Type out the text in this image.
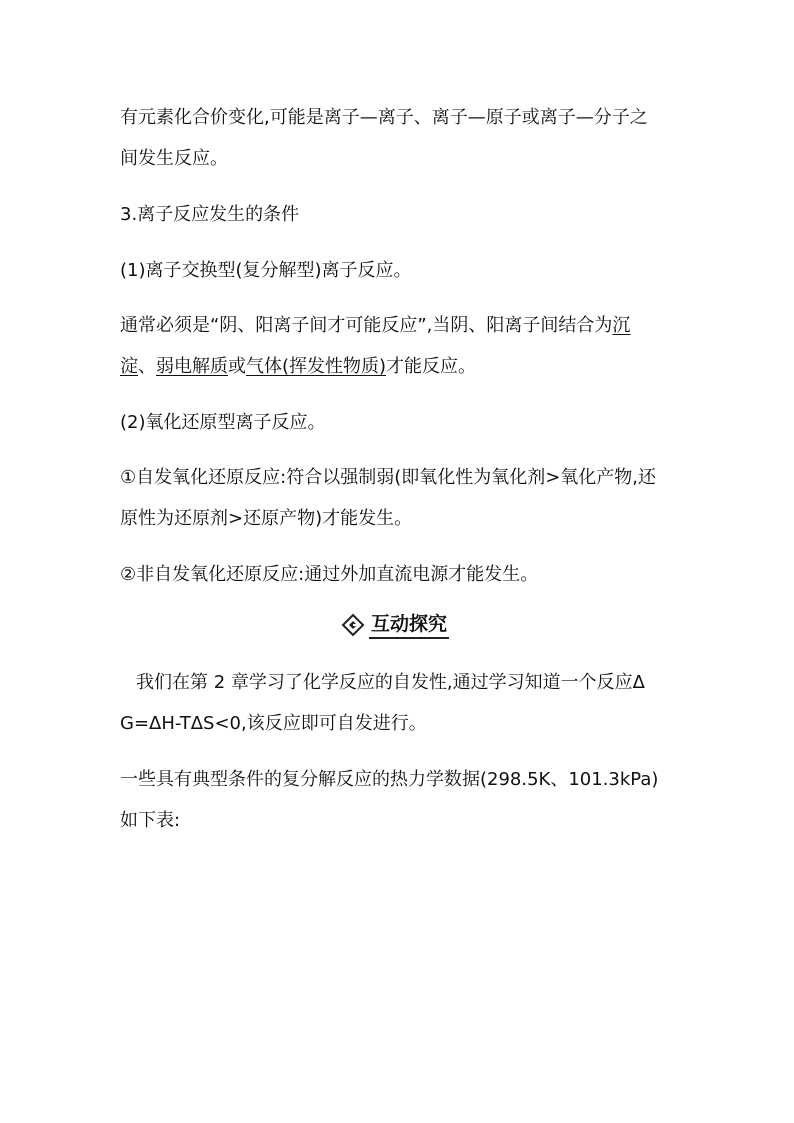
有元素化合价变化,可能是离子—离子、离子—原子或离子—分子之
间发生反应。
3.离子反应发生的条件
(1)离子交换型(复分解型)离子反应。
通常必须是“阴、阳离子间才可能反应”,当阴、阳离子间结合为沉
淀、弱电解质或气体(挥发性物质)才能反应。
(2)氧化还原型离子反应。
①自发氧化还原反应:符合以强制弱(即氧化性为氧化剂>氧化产物,还
原性为还原剂>还原产物)才能发生。
②非自发氧化还原反应:通过外加直流电源才能发生。
互动探究
我们在第 2 章学习了化学反应的自发性,通过学习知道一个反应Δ
G=ΔH-TΔS<0,该反应即可自发进行。
一些具有典型条件的复分解反应的热力学数据(298.5K、101.3kPa)
如下表:
